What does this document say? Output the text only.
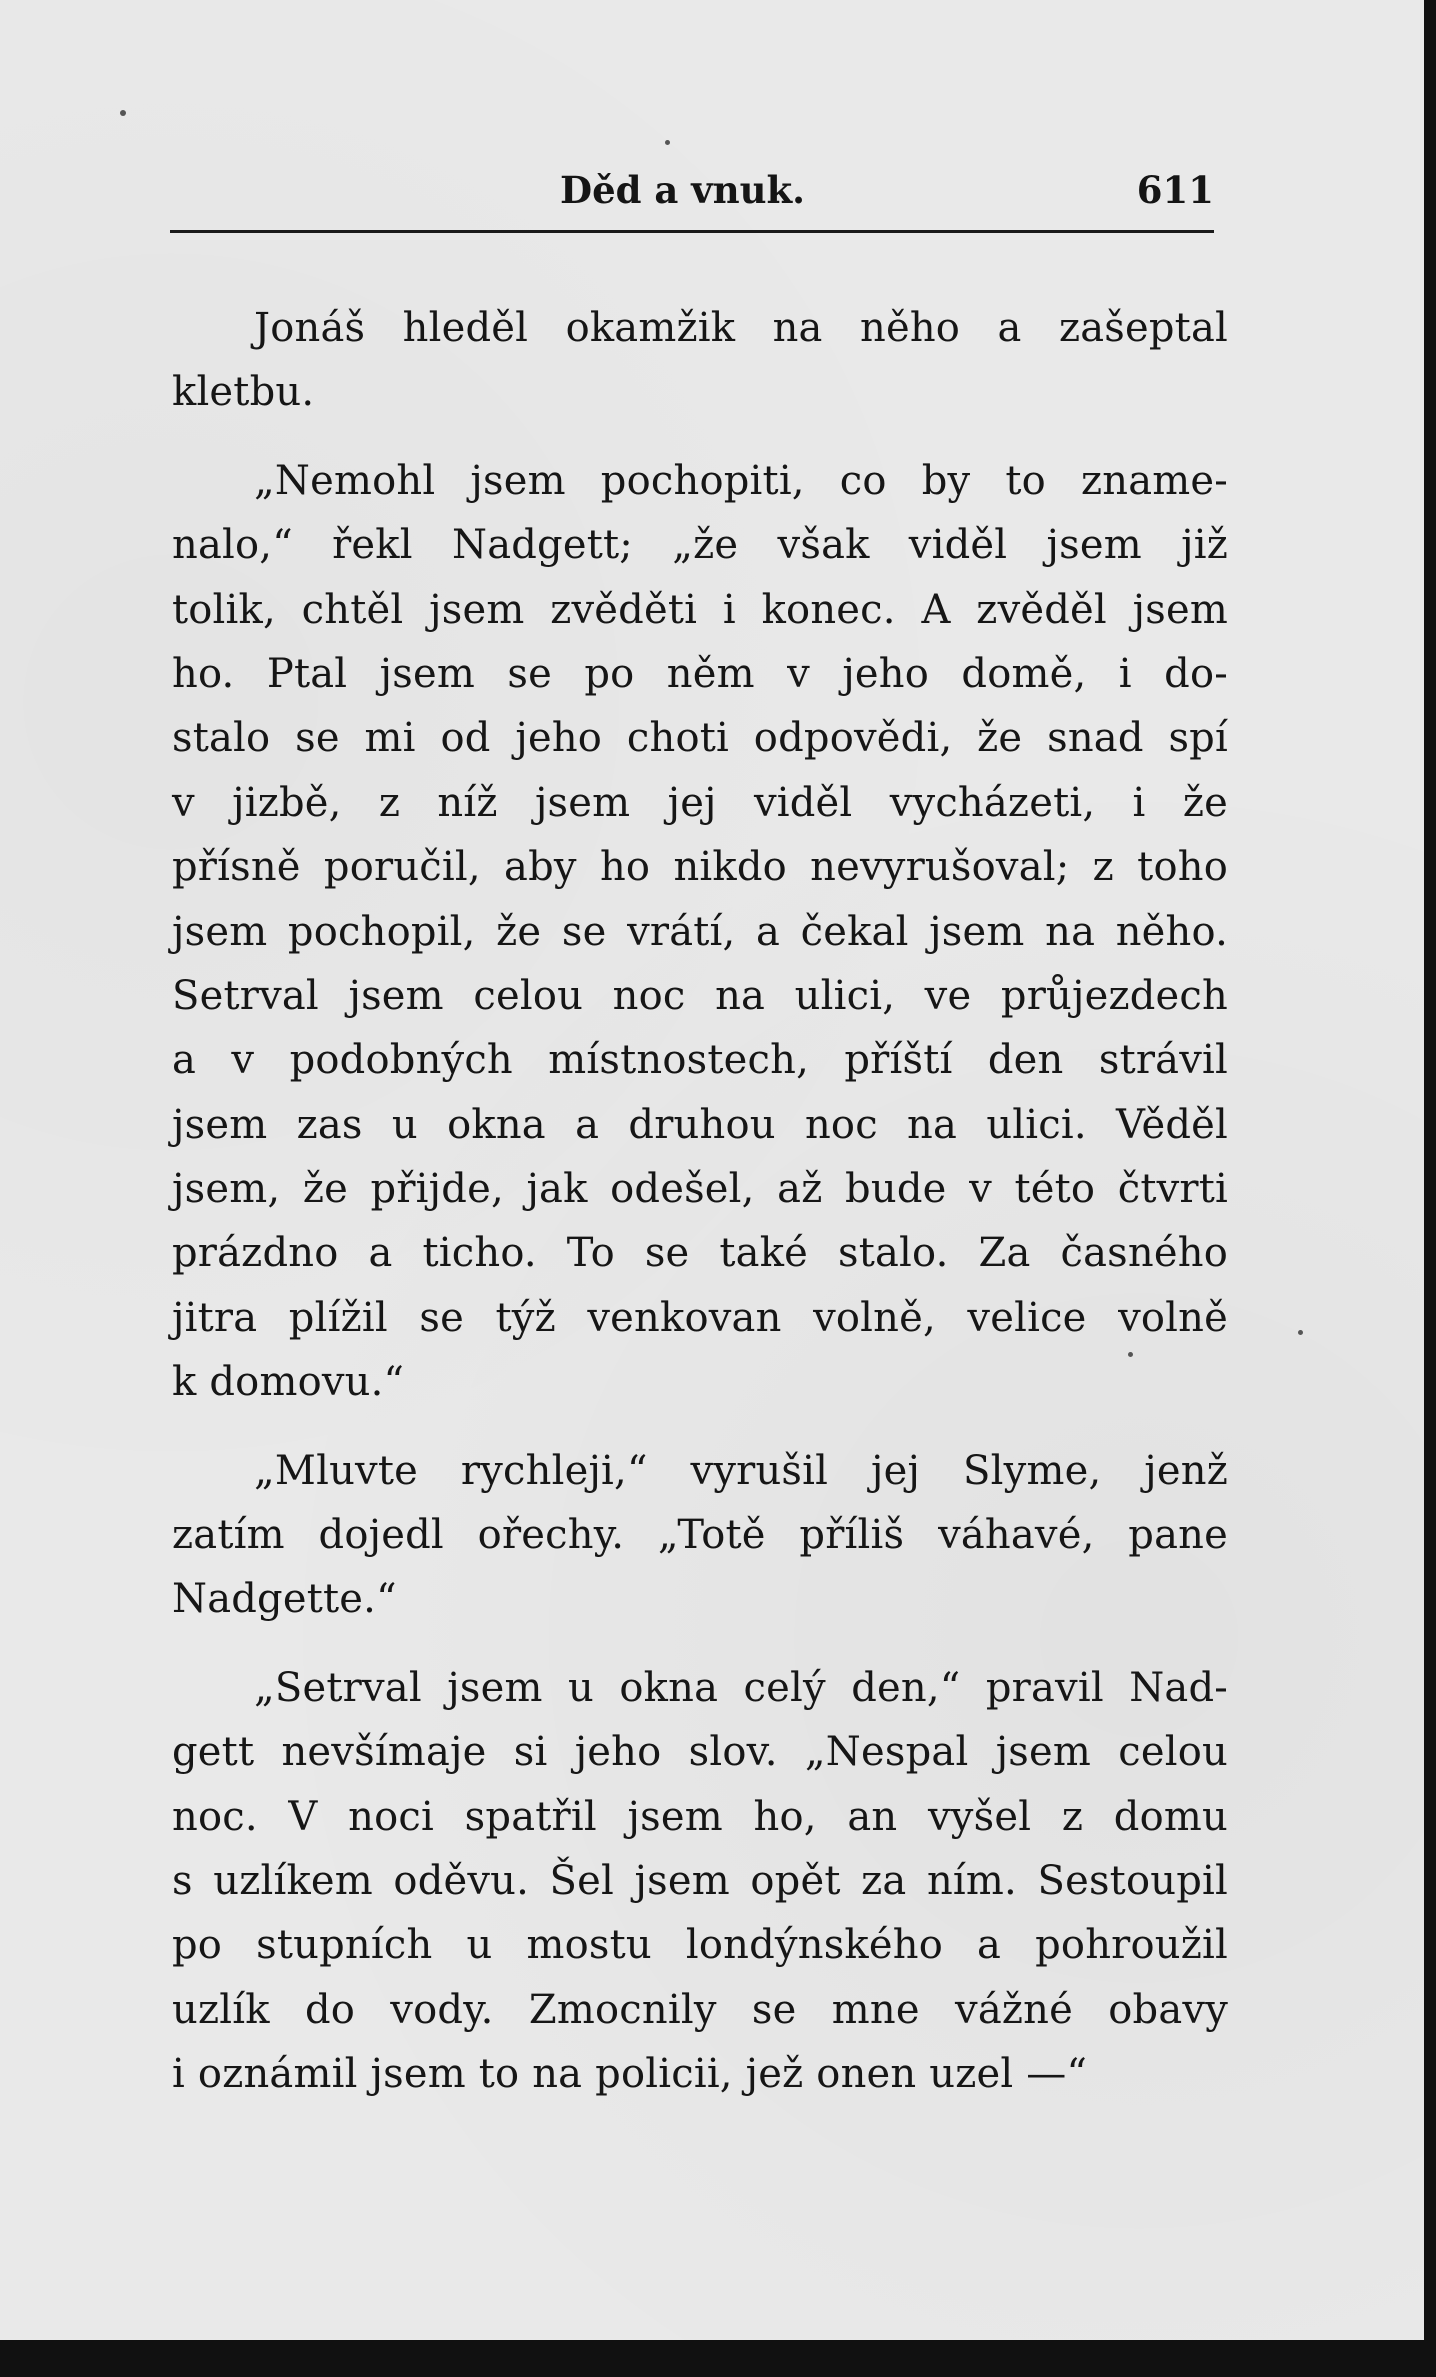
Děd a vnuk.	611
Jonáš hleděl okamžik na něho a zašeptal
kletbu.
„Nemohl jsem pochopiti, co by to zname-
nalo,“ řekl Nadgett; „že však viděl jsem již
tolik, chtěl jsem zvěděti i konec. A zvěděl jsem
ho. Ptal jsem se po něm v jeho domě, i do-
stalo se mi od jeho choti odpovědi, že snad spí
v jizbě, z níž jsem jej viděl vycházeti, i že
přísně poručil, aby ho nikdo nevyrušoval; z toho
jsem pochopil, že se vrátí, a čekal jsem na něho.
Setrval jsem celou noc na ulici, ve průjezdech
a v podobných místnostech, příští den strávil
jsem zas u okna a druhou noc na ulici. Věděl
jsem, že přijde, jak odešel, až bude v této čtvrti
prázdno a ticho. To se také stalo. Za časného
jitra plížil se týž venkovan volně, velice volně
k domovu.“
„Mluvte rychleji,“ vyrušil jej Slyme, jenž
zatím dojedl ořechy. „Totě příliš váhavé, pane
Nadgette.“
„Setrval jsem u okna celý den,“ pravil Nad-
gett nevšímaje si jeho slov. „Nespal jsem celou
noc. V noci spatřil jsem ho, an vyšel z domu
s uzlíkem oděvu. Šel jsem opět za ním. Sestoupil
po stupních u mostu londýnského a pohroužil
uzlík do vody. Zmocnily se mne vážné obavy
i oznámil jsem to na policii, jež onen uzel —“
